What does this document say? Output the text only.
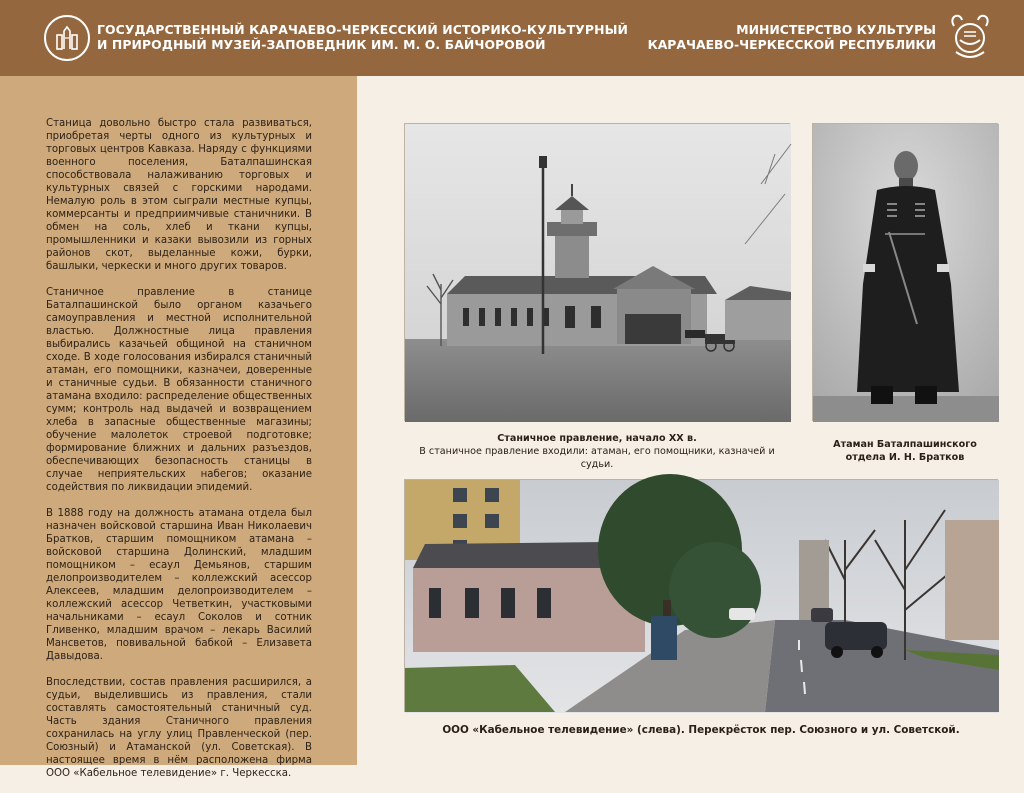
ГОСУДАРСТВЕННЫЙ КАРАЧАЕВО-ЧЕРКЕССКИЙ ИСТОРИКО-КУЛЬТУРНЫЙ
И ПРИРОДНЫЙ МУЗЕЙ-ЗАПОВЕДНИК ИМ. М. О. БАЙЧОРОВОЙ
МИНИСТЕРСТВО КУЛЬТУРЫ
КАРАЧАЕВО-ЧЕРКЕССКОЙ РЕСПУБЛИКИ

Станица довольно быстро стала развиваться, приобретая черты одного из культурных и торговых центров Кавказа. Наряду с функциями военного поселения, Баталпашинская способствовала налаживанию торговых и культурных связей с горскими народами. Немалую роль в этом сыграли местные купцы, коммерсанты и предприимчивые станичники. В обмен на соль, хлеб и ткани купцы, промышленники и казаки вывозили из горных районов скот, выделанные кожи, бурки, башлыки, черкески и много других товаров.

Станичное правление в станице Баталпашинской было органом казачьего самоуправления и местной исполнительной властью. Должностные лица правления выбирались казачьей общиной на станичном сходе. В ходе голосования избирался станичный атаман, его помощники, казначеи, доверенные и станичные судьи. В обязанности станичного атамана входило: распределение общественных сумм; контроль над выдачей и возвращением хлеба в запасные общественные магазины; обучение малолеток строевой подготовке; формирование ближних и дальних разъездов, обеспечивающих безопасность станицы в случае неприятельских набегов; оказание содействия по ликвидации эпидемий.

В 1888 году на должность атамана отдела был назначен войсковой старшина Иван Николаевич Братков, старшим помощником атамана – войсковой старшина Долинский, младшим помощником – есаул Демьянов, старшим делопроизводителем – коллежский асессор Алексеев, младшим делопроизводителем – коллежский асессор Четветкин, участковыми начальниками – есаул Соколов и сотник Гливенко, младшим врачом – лекарь Василий Мансветов, повивальной бабкой – Елизавета Давыдова.

Впоследствии, состав правления расширился, а судьи, выделившись из правления, стали составлять самостоятельный станичный суд. Часть здания Станичного правления сохранилась на углу улиц Правленческой (пер. Союзный) и Атаманской (ул. Советская). В настоящее время в нём расположена фирма ООО «Кабельное телевидение» г. Черкесска.

Станичное правление, начало XX в.
В станичное правление входили: атаман, его помощники, казначей и судьи.
Атаман Баталпашинского
отдела И. Н. Братков
ООО «Кабельное телевидение» (слева). Перекрёсток пер. Союзного и ул. Советской.
